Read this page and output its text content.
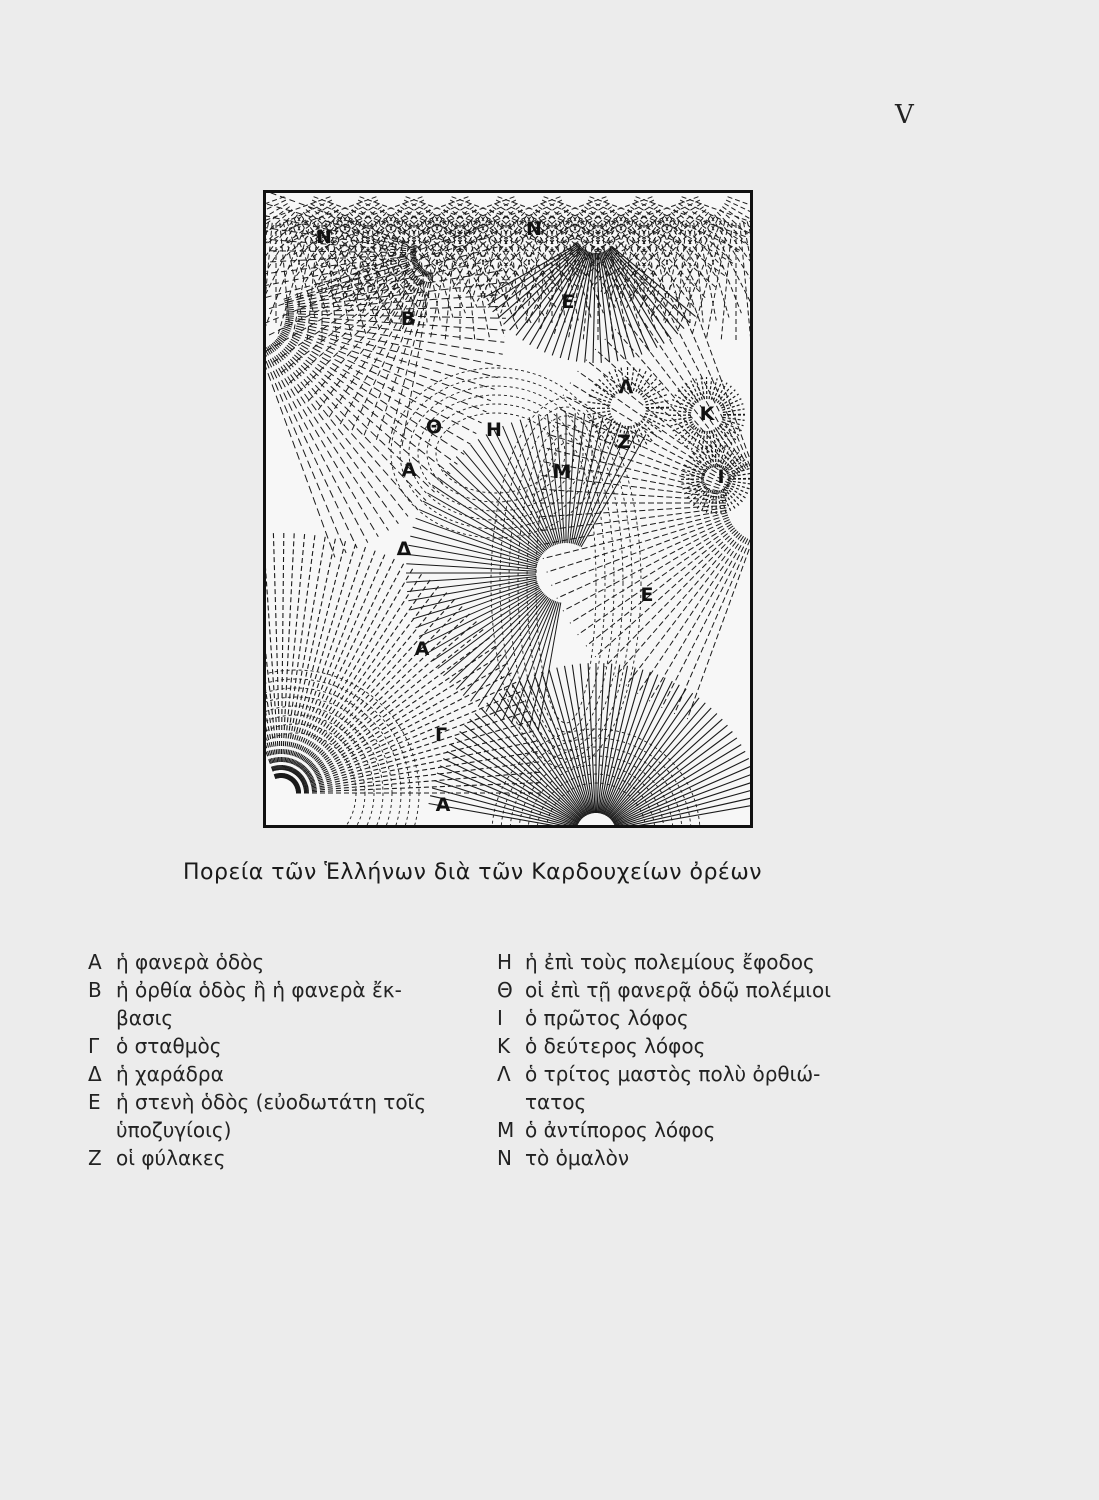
V
N	N
E
B
Λ
K
Θ H
Z
A	M	I
Δ
E
A
Γ
A
Πορεία τῶν Ἑλλήνων διὰ τῶν Καρδουχείων ὀρέων
Α ἡ φανερὰ ὁδὸς
Β ἡ ὀρθία ὁδὸς ἢ ἡ φανερὰ ἔκ-
βασις
Γ ὁ σταθμὸς
Δ ἡ χαράδρα
Ε ἡ στενὴ ὁδὸς (εὐοδωτάτη τοῖς
ὑποζυγίοις)
Ζ οἱ φύλακες
Η ἡ ἐπὶ τοὺς πολεμίους ἔφοδος
Θ οἱ ἐπὶ τῇ φανερᾷ ὁδῷ πολέμιοι
Ι	ὁ πρῶτος λόφος
Κ ὁ δεύτερος λόφος
Λ ὁ τρίτος μαστὸς πολὺ ὀρθιώ-
τατος
Μ ὁ ἀντίπορος λόφος
Ν τὸ ὁμαλὸν
